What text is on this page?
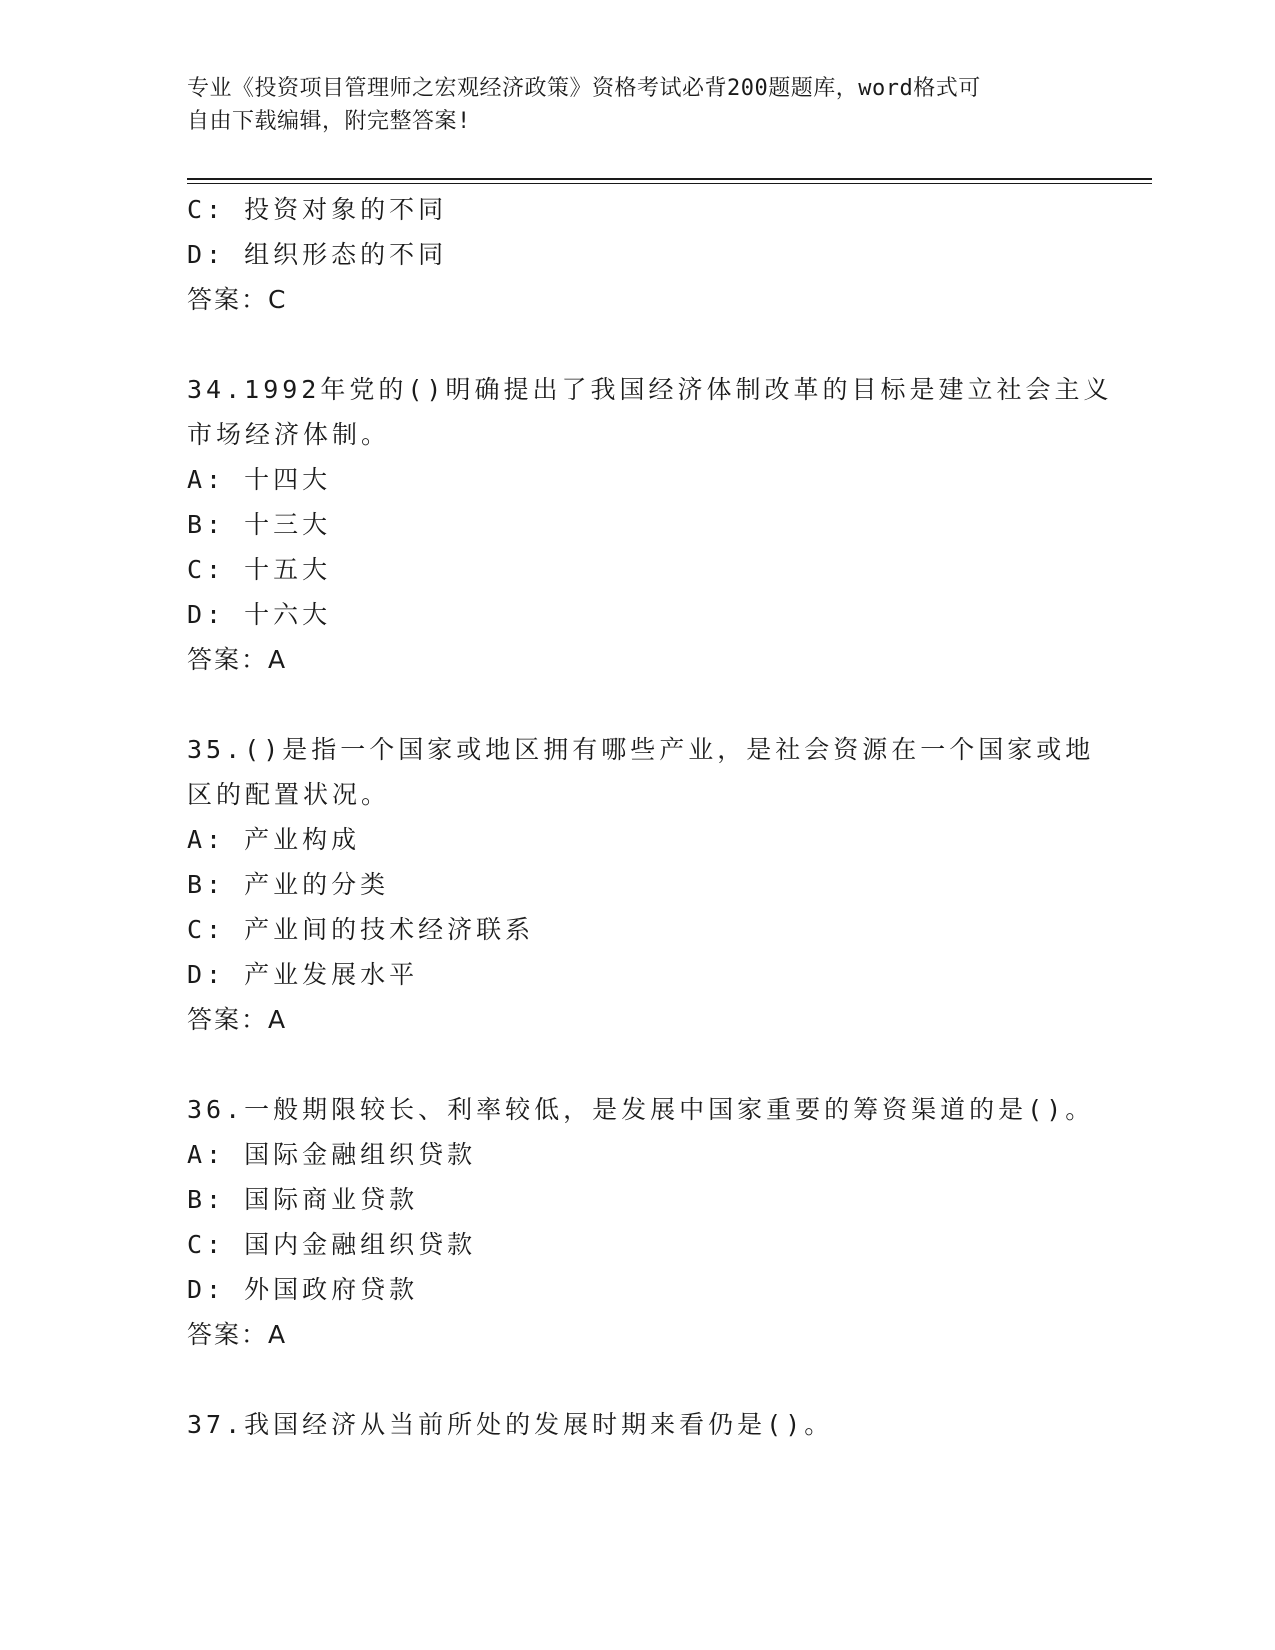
专业《投资项目管理师之宏观经济政策》资格考试必背200题题库，word格式可
自由下载编辑，附完整答案!
C: 投资对象的不同
D: 组织形态的不同
答案：C
34.1992年党的()明确提出了我国经济体制改革的目标是建立社会主义
市场经济体制。
A: 十四大
B: 十三大
C: 十五大
D: 十六大
答案：A
35.()是指一个国家或地区拥有哪些产业，是社会资源在一个国家或地
区的配置状况。
A: 产业构成
B: 产业的分类
C: 产业间的技术经济联系
D: 产业发展水平
答案：A
36.一般期限较长、利率较低，是发展中国家重要的筹资渠道的是()。
A: 国际金融组织贷款
B: 国际商业贷款
C: 国内金融组织贷款
D: 外国政府贷款
答案：A
37.我国经济从当前所处的发展时期来看仍是()。
